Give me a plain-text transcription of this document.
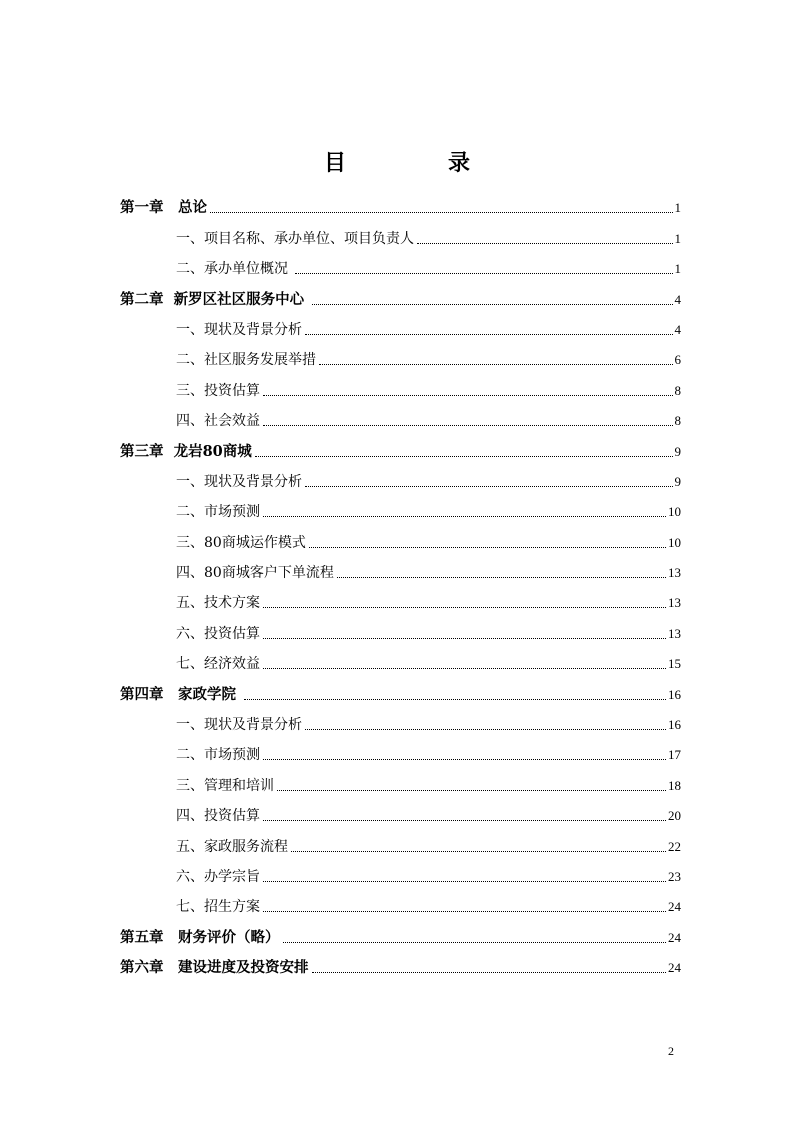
目　录
第一章　总论	1
一、项目名称、承办单位、项目负责人	1
二、承办单位概况	1
第二章  新罗区社区服务中心	4
一、现状及背景分析	4
二、社区服务发展举措	6
三、投资估算	8
四、社会效益	8
第三章  龙岩80商城	9
一、现状及背景分析	9
二、市场预测	10
三、80商城运作模式	10
四、80商城客户下单流程	13
五、技术方案	13
六、投资估算	13
七、经济效益	15
第四章　家政学院	16
一、现状及背景分析	16
二、市场预测	17
三、管理和培训	18
四、投资估算	20
五、家政服务流程	22
六、办学宗旨	23
七、招生方案	24
第五章　财务评价（略）	24
第六章　建设进度及投资安排	24
2
